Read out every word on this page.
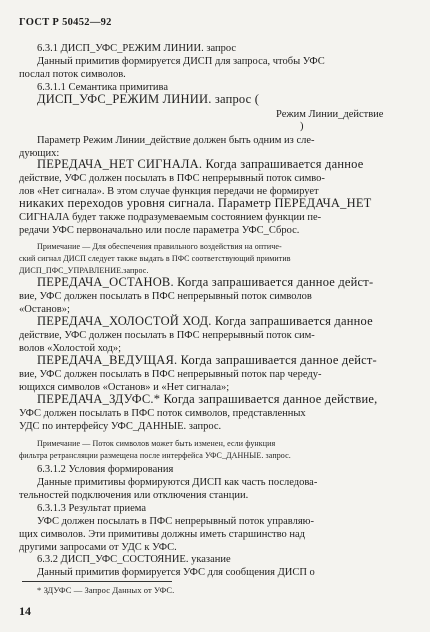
ГОСТ Р 50452—92
6.3.1 ДИСП_УФС_РЕЖИМ ЛИНИИ. запрос
Данный примитив формируется ДИСП для запроса, чтобы УФС
послал поток символов.
6.3.1.1 Семантика примитива
ДИСП_УФС_РЕЖИМ ЛИНИИ. запрос (
Режим Линии_действие
)
Параметр Режим Линии_действие должен быть одним из сле-
дующих:
ПЕРЕДАЧА_НЕТ СИГНАЛА. Когда запрашивается данное
действие, УФС должен посылать в ПФС непрерывный поток симво-
лов «Нет сигнала». В этом случае функция передачи не формирует
никаких переходов уровня сигнала. Параметр ПЕРЕДАЧА_НЕТ
СИГНАЛА будет также подразумеваемым состоянием функции пе-
редачи УФС первоначально или после параметра УФС_Сброс.
Примечание — Для обеспечения правильного воздействия на оптиче-
ский сигнал ДИСП следует также выдать в ПФС соответствующий примитив
ДИСП_ПФС_УПРАВЛЕНИЕ.запрос.
ПЕРЕДАЧА_ОСТАНОВ. Когда запрашивается данное дейст-
вие, УФС должен посылать в ПФС непрерывный поток символов
«Останов»;
ПЕРЕДАЧА_ХОЛОСТОЙ ХОД. Когда запрашивается данное
действие, УФС должен посылать в ПФС непрерывный поток сим-
волов «Холостой ход»;
ПЕРЕДАЧА_ВЕДУЩАЯ. Когда запрашивается данное дейст-
вие, УФС должен посылать в ПФС непрерывный поток пар череду-
ющихся символов «Останов» и «Нет сигнала»;
ПЕРЕДАЧА_ЗДУФС.* Когда запрашивается данное действие,
УФС должен посылать в ПФС поток символов, представленных
УДС по интерфейсу УФС_ДАННЫЕ. запрос.
Примечание — Поток символов может быть изменен, если функция
фильтра ретрансляции размещена после интерфейса УФС_ДАННЫЕ. запрос.
6.3.1.2 Условия формирования
Данные примитивы формируются ДИСП как часть последова-
тельностей подключения или отключения станции.
6.3.1.3 Результат приема
УФС должен посылать в ПФС непрерывный поток управляю-
щих символов. Эти примитивы должны иметь старшинство над
другими запросами от УДС к УФС.
6.3.2 ДИСП_УФС_СОСТОЯНИЕ. указание
Данный примитив формируется УФС для сообщения ДИСП о
* ЗДУФС — Запрос Данных от УФС.
14
